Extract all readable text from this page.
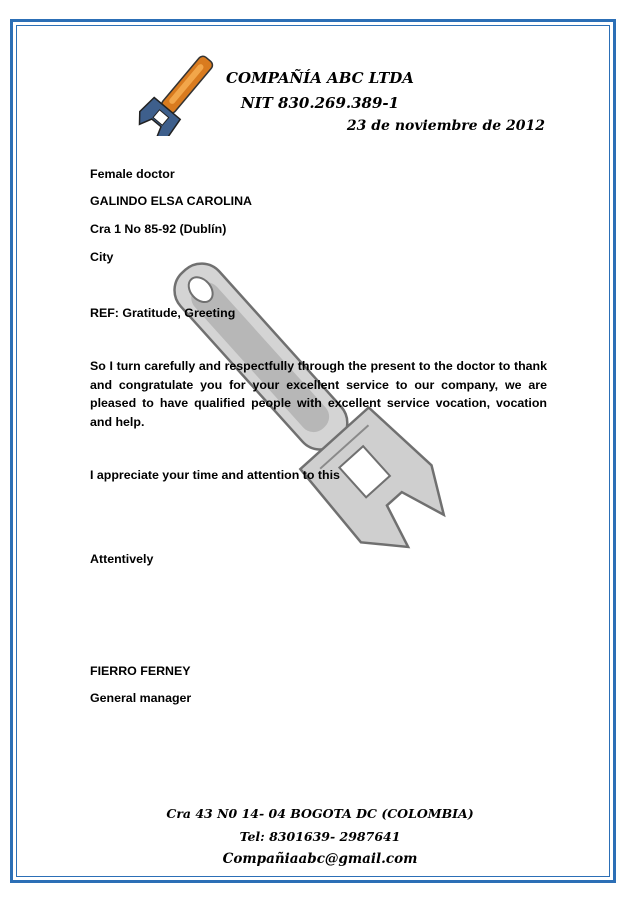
COMPAÑÍA ABC LTDA
NIT 830.269.389-1
23 de noviembre de 2012
Female doctor
GALINDO ELSA CAROLINA
Cra 1 No 85-92 (Dublín)
City
REF: Gratitude, Greeting
So I turn carefully and respectfully through the present to the doctor to thank and congratulate you for your excellent service to our company, we are pleased to have qualified people with excellent service vocation, vocation and help.
I appreciate your time and attention to this
Attentively
FIERRO FERNEY
General manager
Cra 43 N0 14- 04 BOGOTA DC (COLOMBIA)
Tel: 8301639- 2987641
Compañiaabc@gmail.com
